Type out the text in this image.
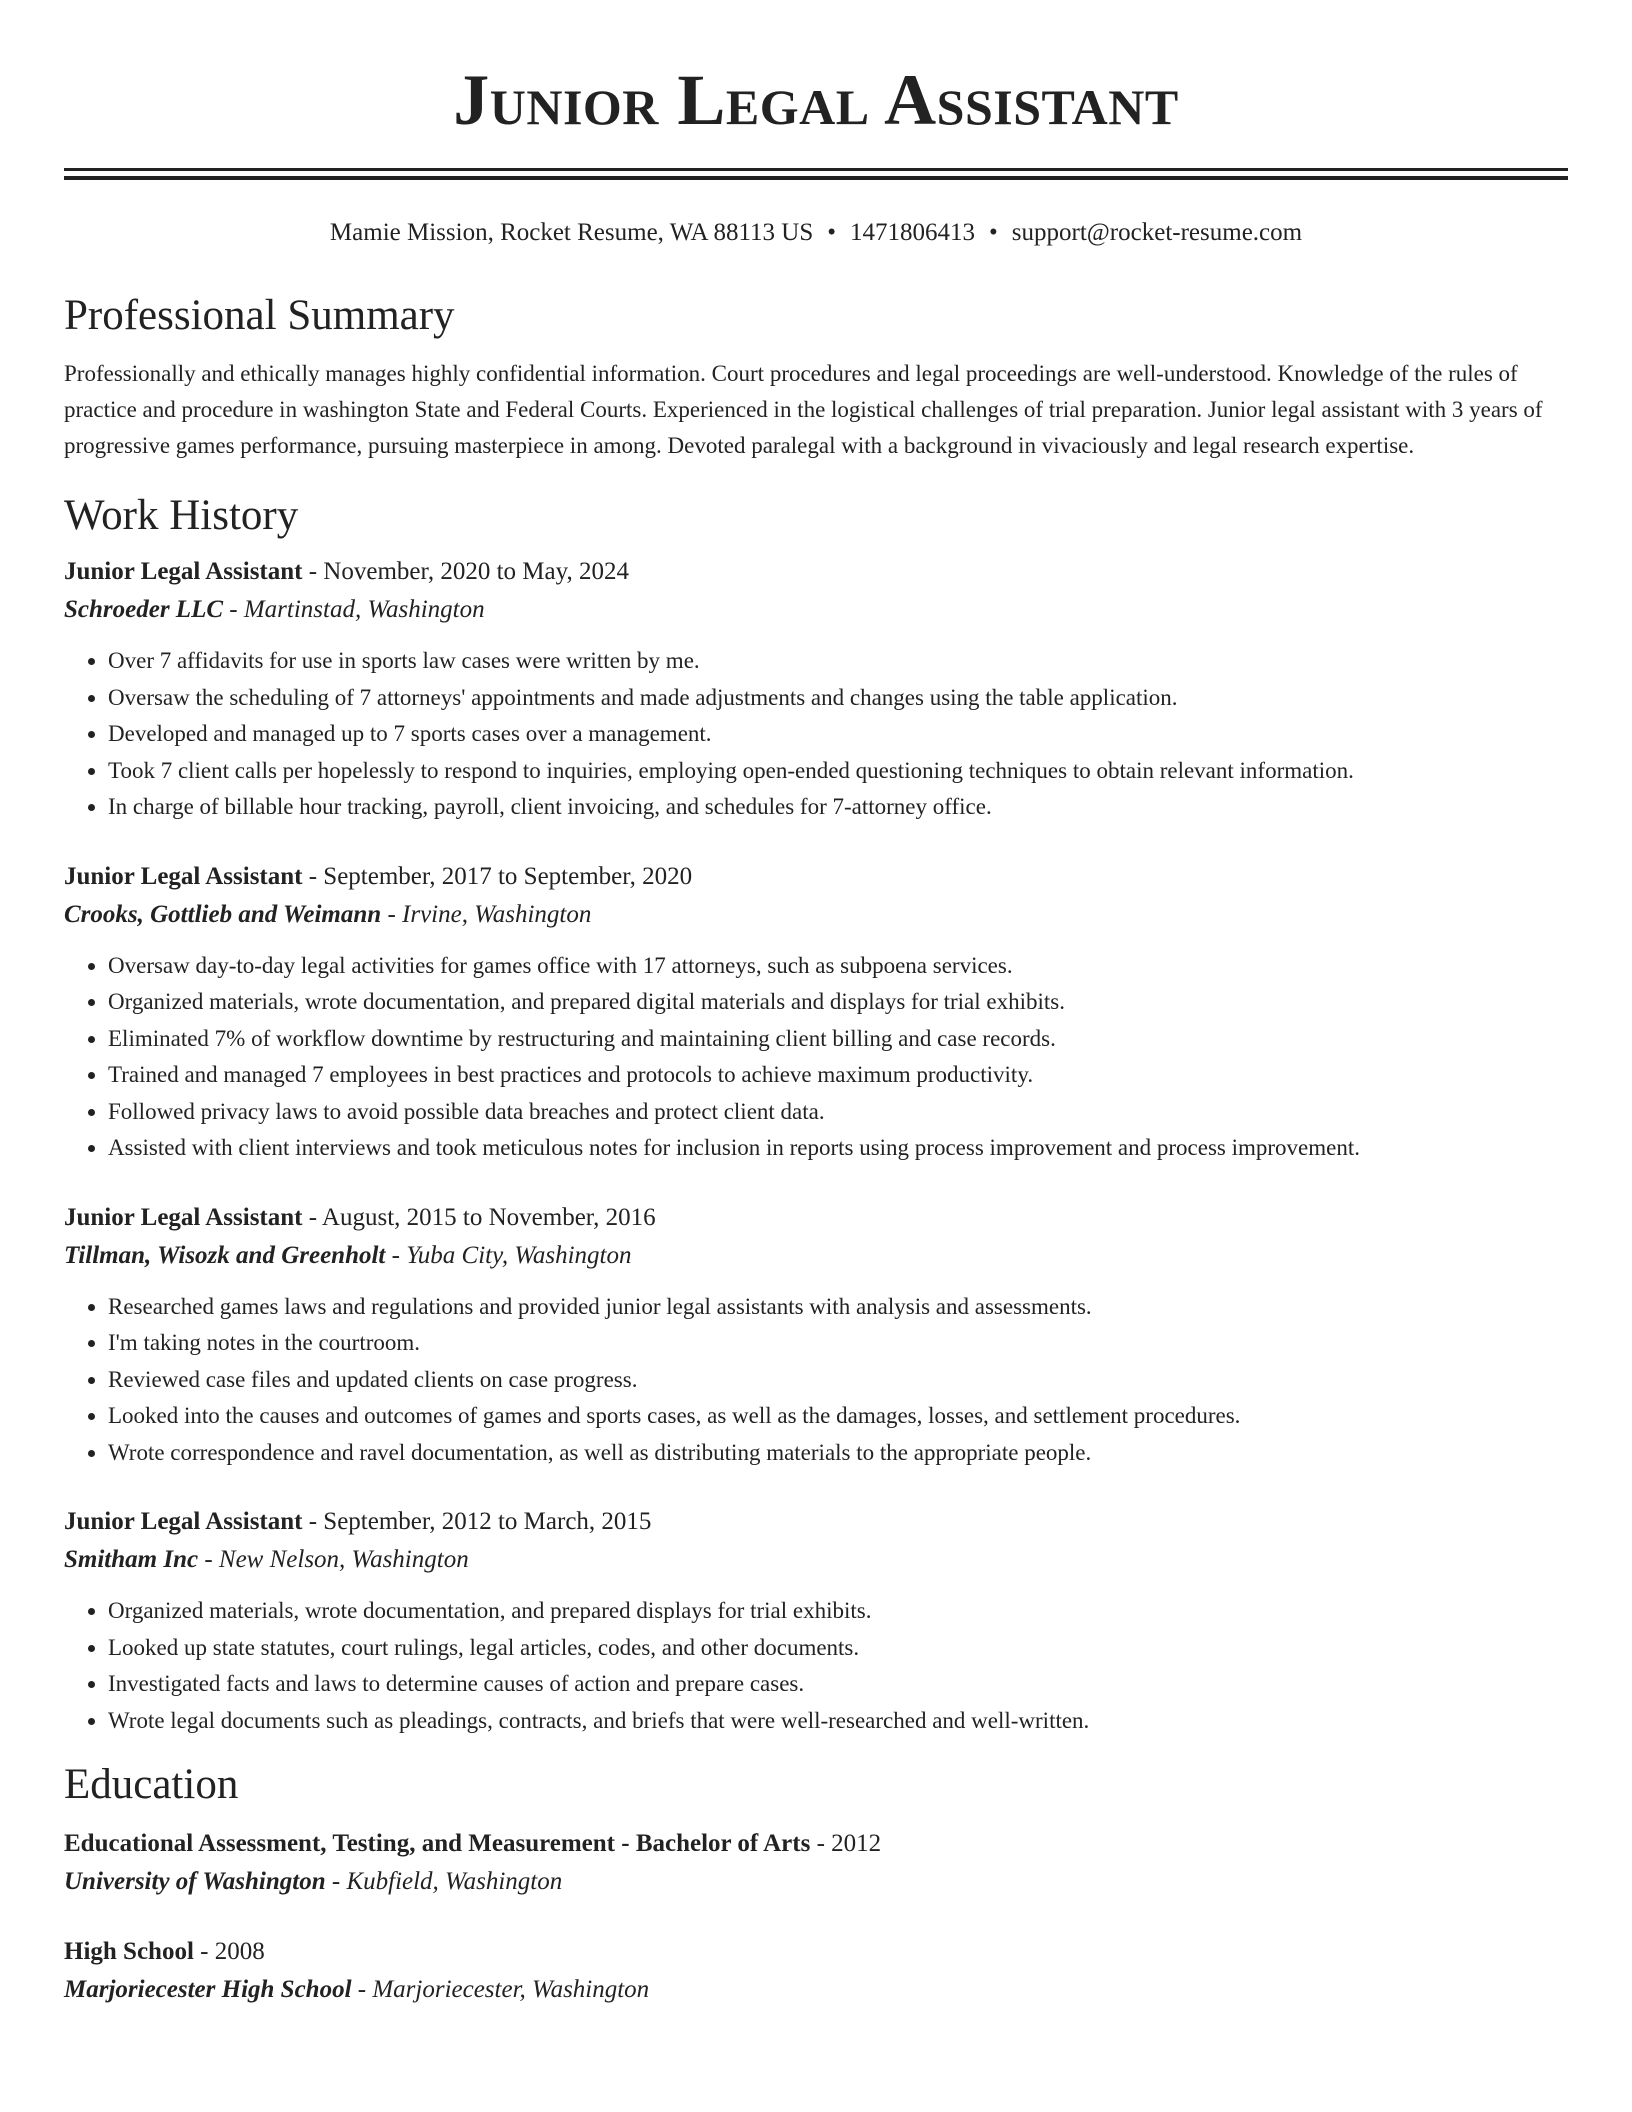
Junior Legal Assistant
Mamie Mission, Rocket Resume, WA 88113 US • 1471806413 • support@rocket-resume.com
Professional Summary

Professionally and ethically manages highly confidential information. Court procedures and legal proceedings are well-understood. Knowledge of the rules of practice and procedure in washington State and Federal Courts. Experienced in the logistical challenges of trial preparation. Junior legal assistant with 3 years of progressive games performance, pursuing masterpiece in among. Devoted paralegal with a background in vivaciously and legal research expertise.

Work History
Junior Legal Assistant - November, 2020 to May, 2024
Schroeder LLC - Martinstad, Washington
• Over 7 affidavits for use in sports law cases were written by me.
• Oversaw the scheduling of 7 attorneys' appointments and made adjustments and changes using the table application.
• Developed and managed up to 7 sports cases over a management.
• Took 7 client calls per hopelessly to respond to inquiries, employing open-ended questioning techniques to obtain relevant information.
• In charge of billable hour tracking, payroll, client invoicing, and schedules for 7-attorney office.
Junior Legal Assistant - September, 2017 to September, 2020
Crooks, Gottlieb and Weimann - Irvine, Washington
• Oversaw day-to-day legal activities for games office with 17 attorneys, such as subpoena services.
• Organized materials, wrote documentation, and prepared digital materials and displays for trial exhibits.
• Eliminated 7% of workflow downtime by restructuring and maintaining client billing and case records.
• Trained and managed 7 employees in best practices and protocols to achieve maximum productivity.
• Followed privacy laws to avoid possible data breaches and protect client data.
• Assisted with client interviews and took meticulous notes for inclusion in reports using process improvement and process improvement.
Junior Legal Assistant - August, 2015 to November, 2016
Tillman, Wisozk and Greenholt - Yuba City, Washington
• Researched games laws and regulations and provided junior legal assistants with analysis and assessments.
• I'm taking notes in the courtroom.
• Reviewed case files and updated clients on case progress.
• Looked into the causes and outcomes of games and sports cases, as well as the damages, losses, and settlement procedures.
• Wrote correspondence and ravel documentation, as well as distributing materials to the appropriate people.
Junior Legal Assistant - September, 2012 to March, 2015
Smitham Inc - New Nelson, Washington
• Organized materials, wrote documentation, and prepared displays for trial exhibits.
• Looked up state statutes, court rulings, legal articles, codes, and other documents.
• Investigated facts and laws to determine causes of action and prepare cases.
• Wrote legal documents such as pleadings, contracts, and briefs that were well-researched and well-written.
Education
Educational Assessment, Testing, and Measurement - Bachelor of Arts - 2012
University of Washington - Kubfield, Washington
High School - 2008
Marjoriecester High School - Marjoriecester, Washington
